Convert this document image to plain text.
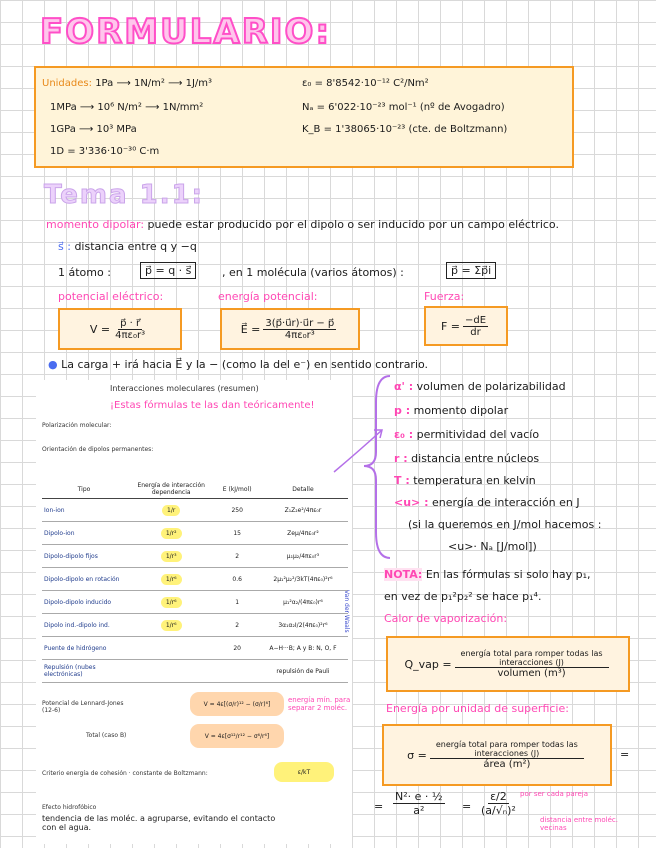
FORMULARIO:
Unidades: 1Pa ⟶ 1N/m² ⟶ 1J/m³
1MPa ⟶ 10⁶ N/m² ⟶ 1N/mm²
1GPa ⟶ 10³ MPa
1D = 3'336·10⁻³⁰ C·m
ε₀ = 8'8542·10⁻¹² C²/Nm²
Nₐ = 6'022·10⁻²³ mol⁻¹ (nº de Avogadro)
K_B = 1'38065·10⁻²³ (cte. de Boltzmann)
Tema 1.1:
momento dipolar: puede estar producido por el dipolo o ser inducido por un campo eléctrico.
s⃗ : distancia entre q y −q
1 átomo :	p⃗ = q · s⃗	, en 1 molécula (varios átomos) :	p⃗ = Σp⃗i
potencial eléctrico:	energía potencial:	Fuerza:
$V = \frac{p⃗ \cdot r⃗}{\text{4πε₀r³}}$	E⃗ = $\frac{3(p⃗\cdot u⃗r)\cdot u⃗r - p⃗}{\text{4πε₀r³}}$	$F = \frac{-dE}{dr}$
● La carga + irá hacia E⃗ y la − (como la del e⁻) en sentido contrario.
Interacciones moleculares (resumen)
¡Estas fórmulas te las dan teóricamente!
Polarización molecular:
Orientación de dipolos permanentes:
Tipo	Energía de interacción
dependencia	E (kJ/mol)	Detalle
Ion-ion	1/r	250	Z₁Z₂e²/4πε₀r
Dipolo-ion	1/r²	15	Zeμ/4πε₀r²
Dipolo-dipolo fijos	1/r³	2	μ₁μ₂/4πε₀r³
Dipolo-dipolo en rotación	1/r⁶	0.6	2μ₁²μ₂²/3kT(4πε₀)²r⁶
Dipolo-dipolo inducido	1/r⁶	1	μ₁²α₂/(4πε₀)r⁶
Dipolo ind.-dipolo ind.	1/r⁶	2	3α₁α₂I/2(4πε₀)²r⁶
Puente de hidrógeno		20	A−H···B; A y B: N, O, F
Repulsión (nubes electrónicas)			repulsión de Pauli
Van der Waals
Potencial de Lennard-Jones (12-6)
V = 4ε[(σ/r)¹² − (σ/r)⁶]	energía mín. para separar 2 moléc.
Total (caso B)	V = 4ε[σ¹²/r¹² − σ⁶/r⁶]
Criterio energía de cohesión · constante de Boltzmann:	ε/kT
Efecto hidrofóbico
tendencia de las moléc. a agruparse, evitando el contacto con el agua.
α' : volumen de polarizabilidad
p : momento dipolar
ε₀ : permitividad del vacío
r : distancia entre núcleos
T : temperatura en kelvin
<u> : energía de interacción en J
(si la queremos en J/mol hacemos :
<u>· Nₐ [J/mol])
NOTA: En las fórmulas si solo hay p₁,
en vez de p₁²p₂² se hace p₁⁴.
Calor de vaporización:
Q_vap = $\frac{\text{energía total para romper todas las interacciones (J)}}{\text{volumen (m³)}}$
Energía por unidad de superficie:
$\sigma = \frac{\text{energía total para romper todas las interacciones (J)}}{\text{área (m²)}}$	=
= $\frac{\text{N²· e · ½}}{\text{a²}} = \frac{\varepsilon/2}{\text{(a/√ₙ)²}}$ por ser cada pareja
distancia entre moléc. vecinas
